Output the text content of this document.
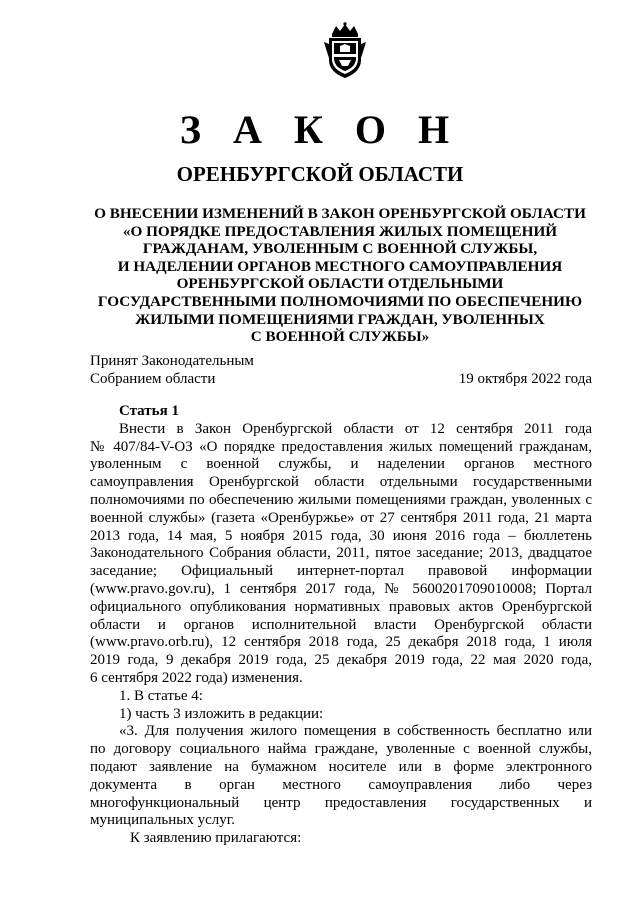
З А К О Н
ОРЕНБУРГСКОЙ ОБЛАСТИ
О ВНЕСЕНИИ ИЗМЕНЕНИЙ В ЗАКОН ОРЕНБУРГСКОЙ ОБЛАСТИ
«О ПОРЯДКЕ ПРЕДОСТАВЛЕНИЯ ЖИЛЫХ ПОМЕЩЕНИЙ
ГРАЖДАНАМ, УВОЛЕННЫМ С ВОЕННОЙ СЛУЖБЫ,
И НАДЕЛЕНИИ ОРГАНОВ МЕСТНОГО САМОУПРАВЛЕНИЯ
ОРЕНБУРГСКОЙ ОБЛАСТИ ОТДЕЛЬНЫМИ
ГОСУДАРСТВЕННЫМИ ПОЛНОМОЧИЯМИ ПО ОБЕСПЕЧЕНИЮ
ЖИЛЫМИ ПОМЕЩЕНИЯМИ ГРАЖДАН, УВОЛЕННЫХ
С ВОЕННОЙ СЛУЖБЫ»
Принят Законодательным
Собранием области	19 октября 2022 года

Статья 1

Внести в Закон Оренбургской области от 12 сентября 2011 года

№ 407/84-V-ОЗ «О порядке предоставления жилых помещений гражданам,

уволенным с военной службы, и наделении органов местного

самоуправления Оренбургской области отдельными государственными

полномочиями по обеспечению жилыми помещениями граждан, уволенных с

военной службы» (газета «Оренбуржье» от 27 сентября 2011 года, 21 марта

2013 года, 14 мая, 5 ноября 2015 года, 30 июня 2016 года – бюллетень

Законодательного Собрания области, 2011, пятое заседание; 2013, двадцатое

заседание; Официальный интернет-портал правовой информации

(www.pravo.gov.ru), 1 сентября 2017 года, № 5600201709010008; Портал

официального опубликования нормативных правовых актов Оренбургской

области и органов исполнительной власти Оренбургской области

(www.pravo.orb.ru), 12 сентября 2018 года, 25 декабря 2018 года, 1 июля

2019 года, 9 декабря 2019 года, 25 декабря 2019 года, 22 мая 2020 года,

6 сентября 2022 года) изменения.

1. В статье 4:

1) часть 3 изложить в редакции:

«3. Для получения жилого помещения в собственность бесплатно или

по договору социального найма граждане, уволенные с военной службы,

подают заявление на бумажном носителе или в форме электронного

документа в орган местного самоуправления либо через

многофункциональный центр предоставления государственных и

муниципальных услуг.

К заявлению прилагаются:
